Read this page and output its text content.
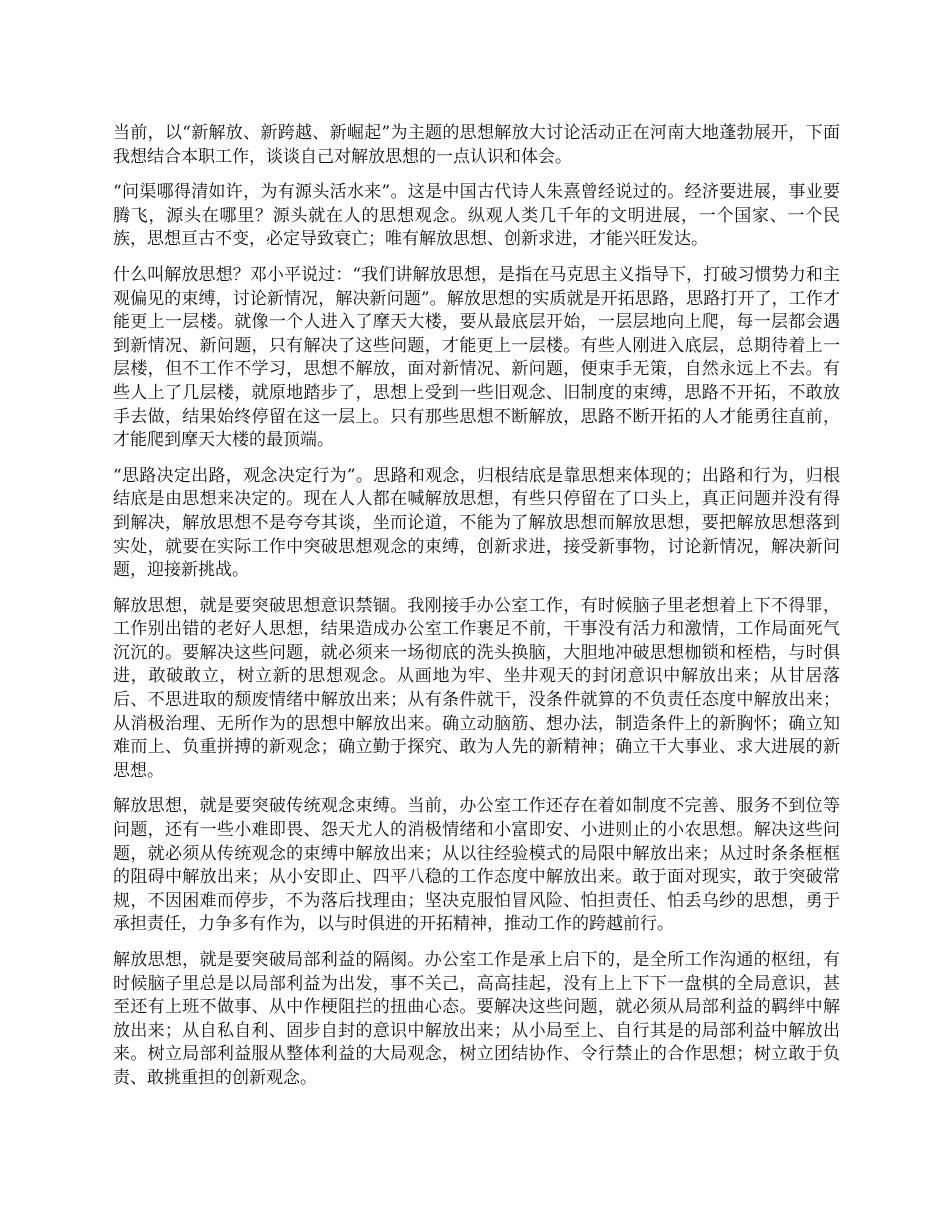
当前，以“新解放、新跨越、新崛起”为主题的思想解放大讨论活动正在河南大地蓬勃展开，下面我想结合本职工作，谈谈自己对解放思想的一点认识和体会。

“问渠哪得清如许，为有源头活水来”。这是中国古代诗人朱熹曾经说过的。经济要进展，事业要腾飞，源头在哪里？源头就在人的思想观念。纵观人类几千年的文明进展，一个国家、一个民族，思想亘古不变，必定导致衰亡；唯有解放思想、创新求进，才能兴旺发达。

什么叫解放思想？邓小平说过：“我们讲解放思想，是指在马克思主义指导下，打破习惯势力和主观偏见的束缚，讨论新情况，解决新问题”。解放思想的实质就是开拓思路，思路打开了，工作才能更上一层楼。就像一个人进入了摩天大楼，要从最底层开始，一层层地向上爬，每一层都会遇到新情况、新问题，只有解决了这些问题，才能更上一层楼。有些人刚进入底层，总期待着上一层楼，但不工作不学习，思想不解放，面对新情况、新问题，便束手无策，自然永远上不去。有些人上了几层楼，就原地踏步了，思想上受到一些旧观念、旧制度的束缚，思路不开拓，不敢放手去做，结果始终停留在这一层上。只有那些思想不断解放，思路不断开拓的人才能勇往直前，才能爬到摩天大楼的最顶端。

“思路决定出路，观念决定行为”。思路和观念，归根结底是靠思想来体现的；出路和行为，归根结底是由思想来决定的。现在人人都在喊解放思想，有些只停留在了口头上，真正问题并没有得到解决，解放思想不是夸夸其谈，坐而论道，不能为了解放思想而解放思想，要把解放思想落到实处，就要在实际工作中突破思想观念的束缚，创新求进，接受新事物，讨论新情况，解决新问题，迎接新挑战。

解放思想，就是要突破思想意识禁锢。我刚接手办公室工作，有时候脑子里老想着上下不得罪，工作别出错的老好人思想，结果造成办公室工作裹足不前，干事没有活力和激情，工作局面死气沉沉的。要解决这些问题，就必须来一场彻底的洗头换脑，大胆地冲破思想枷锁和桎梏，与时俱进，敢破敢立，树立新的思想观念。从画地为牢、坐井观天的封闭意识中解放出来；从甘居落后、不思进取的颓废情绪中解放出来；从有条件就干，没条件就算的不负责任态度中解放出来；从消极治理、无所作为的思想中解放出来。确立动脑筋、想办法，制造条件上的新胸怀；确立知难而上、负重拼搏的新观念；确立勤于探究、敢为人先的新精神；确立干大事业、求大进展的新思想。

解放思想，就是要突破传统观念束缚。当前，办公室工作还存在着如制度不完善、服务不到位等问题，还有一些小难即畏、怨天尤人的消极情绪和小富即安、小进则止的小农思想。解决这些问题，就必须从传统观念的束缚中解放出来；从以往经验模式的局限中解放出来；从过时条条框框的阻碍中解放出来；从小安即止、四平八稳的工作态度中解放出来。敢于面对现实，敢于突破常规，不因困难而停步，不为落后找理由；坚决克服怕冒风险、怕担责任、怕丢乌纱的思想，勇于承担责任，力争多有作为，以与时俱进的开拓精神，推动工作的跨越前行。

解放思想，就是要突破局部利益的隔阂。办公室工作是承上启下的，是全所工作沟通的枢纽，有时候脑子里总是以局部利益为出发，事不关己，高高挂起，没有上上下下一盘棋的全局意识，甚至还有上班不做事、从中作梗阻拦的扭曲心态。要解决这些问题，就必须从局部利益的羁绊中解放出来；从自私自利、固步自封的意识中解放出来；从小局至上、自行其是的局部利益中解放出来。树立局部利益服从整体利益的大局观念，树立团结协作、令行禁止的合作思想；树立敢于负责、敢挑重担的创新观念。
